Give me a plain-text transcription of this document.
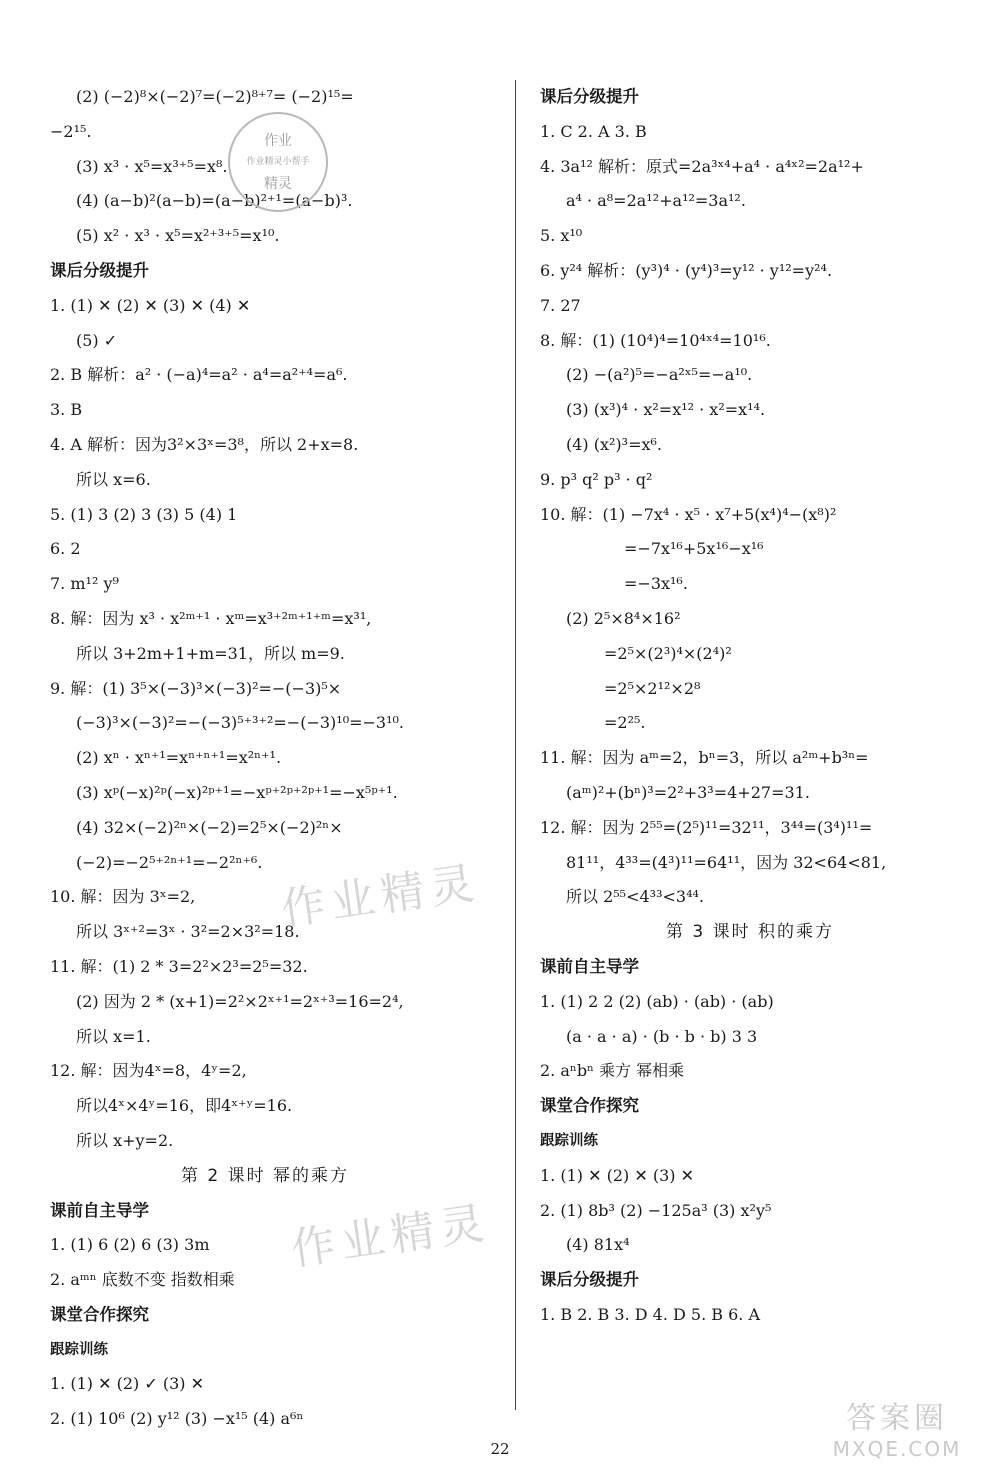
(2) (−2)⁸×(−2)⁷=(−2)⁸⁺⁷= (−2)¹⁵=
−2¹⁵.
(3) x³ · x⁵=x³⁺⁵=x⁸.
(4) (a−b)²(a−b)=(a−b)²⁺¹=(a−b)³.
(5) x² · x³ · x⁵=x²⁺³⁺⁵=x¹⁰.
课后分级提升
1. (1) ✕ (2) ✕ (3) ✕ (4) ✕
(5) ✓
2. B 解析：a² · (−a)⁴=a² · a⁴=a²⁺⁴=a⁶.
3. B
4. A 解析：因为3²×3ˣ=3⁸，所以 2+x=8.
所以 x=6.
5. (1) 3 (2) 3 (3) 5 (4) 1
6. 2
7. m¹² y⁹
8. 解：因为 x³ · x²ᵐ⁺¹ · xᵐ=x³⁺²ᵐ⁺¹⁺ᵐ=x³¹,
所以 3+2m+1+m=31，所以 m=9.
9. 解：(1) 3⁵×(−3)³×(−3)²=−(−3)⁵×
(−3)³×(−3)²=−(−3)⁵⁺³⁺²=−(−3)¹⁰=−3¹⁰.
(2) xⁿ · xⁿ⁺¹=xⁿ⁺ⁿ⁺¹=x²ⁿ⁺¹.
(3) xᵖ(−x)²ᵖ(−x)²ᵖ⁺¹=−xᵖ⁺²ᵖ⁺²ᵖ⁺¹=−x⁵ᵖ⁺¹.
(4) 32×(−2)²ⁿ×(−2)=2⁵×(−2)²ⁿ×
(−2)=−2⁵⁺²ⁿ⁺¹=−2²ⁿ⁺⁶.
10. 解：因为 3ˣ=2,
所以 3ˣ⁺²=3ˣ · 3²=2×3²=18.
11. 解：(1) 2 * 3=2²×2³=2⁵=32.
(2) 因为 2 * (x+1)=2²×2ˣ⁺¹=2ˣ⁺³=16=2⁴,
所以 x=1.
12. 解：因为4ˣ=8，4ʸ=2,
所以4ˣ×4ʸ=16，即4ˣ⁺ʸ=16.
所以 x+y=2.
第 2 课时 幂的乘方
课前自主导学
1. (1) 6 (2) 6 (3) 3m
2. aᵐⁿ 底数不变 指数相乘
课堂合作探究
跟踪训练
1. (1) ✕ (2) ✓ (3) ✕
2. (1) 10⁶ (2) y¹² (3) −x¹⁵ (4) a⁶ⁿ
课后分级提升
1. C 2. A 3. B
4. 3a¹² 解析：原式=2a³ˣ⁴+a⁴ · a⁴ˣ²=2a¹²+
a⁴ · a⁸=2a¹²+a¹²=3a¹².
5. x¹⁰
6. y²⁴ 解析：(y³)⁴ · (y⁴)³=y¹² · y¹²=y²⁴.
7. 27
8. 解：(1) (10⁴)⁴=10⁴ˣ⁴=10¹⁶.
(2) −(a²)⁵=−a²ˣ⁵=−a¹⁰.
(3) (x³)⁴ · x²=x¹² · x²=x¹⁴.
(4) (x²)³=x⁶.
9. p³ q² p³ · q²
10. 解：(1) −7x⁴ · x⁵ · x⁷+5(x⁴)⁴−(x⁸)²
=−7x¹⁶+5x¹⁶−x¹⁶
=−3x¹⁶.
(2) 2⁵×8⁴×16²
=2⁵×(2³)⁴×(2⁴)²
=2⁵×2¹²×2⁸
=2²⁵.
11. 解：因为 aᵐ=2，bⁿ=3，所以 a²ᵐ+b³ⁿ=
(aᵐ)²+(bⁿ)³=2²+3³=4+27=31.
12. 解：因为 2⁵⁵=(2⁵)¹¹=32¹¹，3⁴⁴=(3⁴)¹¹=
81¹¹，4³³=(4³)¹¹=64¹¹，因为 32<64<81,
所以 2⁵⁵<4³³<3⁴⁴.
第 3 课时 积的乘方
课前自主导学
1. (1) 2 2 (2) (ab) · (ab) · (ab)
(a · a · a) · (b · b · b) 3 3
2. aⁿbⁿ 乘方 幂相乘
课堂合作探究
跟踪训练
1. (1) ✕ (2) ✕ (3) ✕
2. (1) 8b³ (2) −125a³ (3) x²y⁵
(4) 81x⁴
课后分级提升
1. B 2. B 3. D 4. D 5. B 6. A
作业
作业精灵小帮手
精灵
作业精灵
作业精灵
答案圈
MXQE.COM
22
